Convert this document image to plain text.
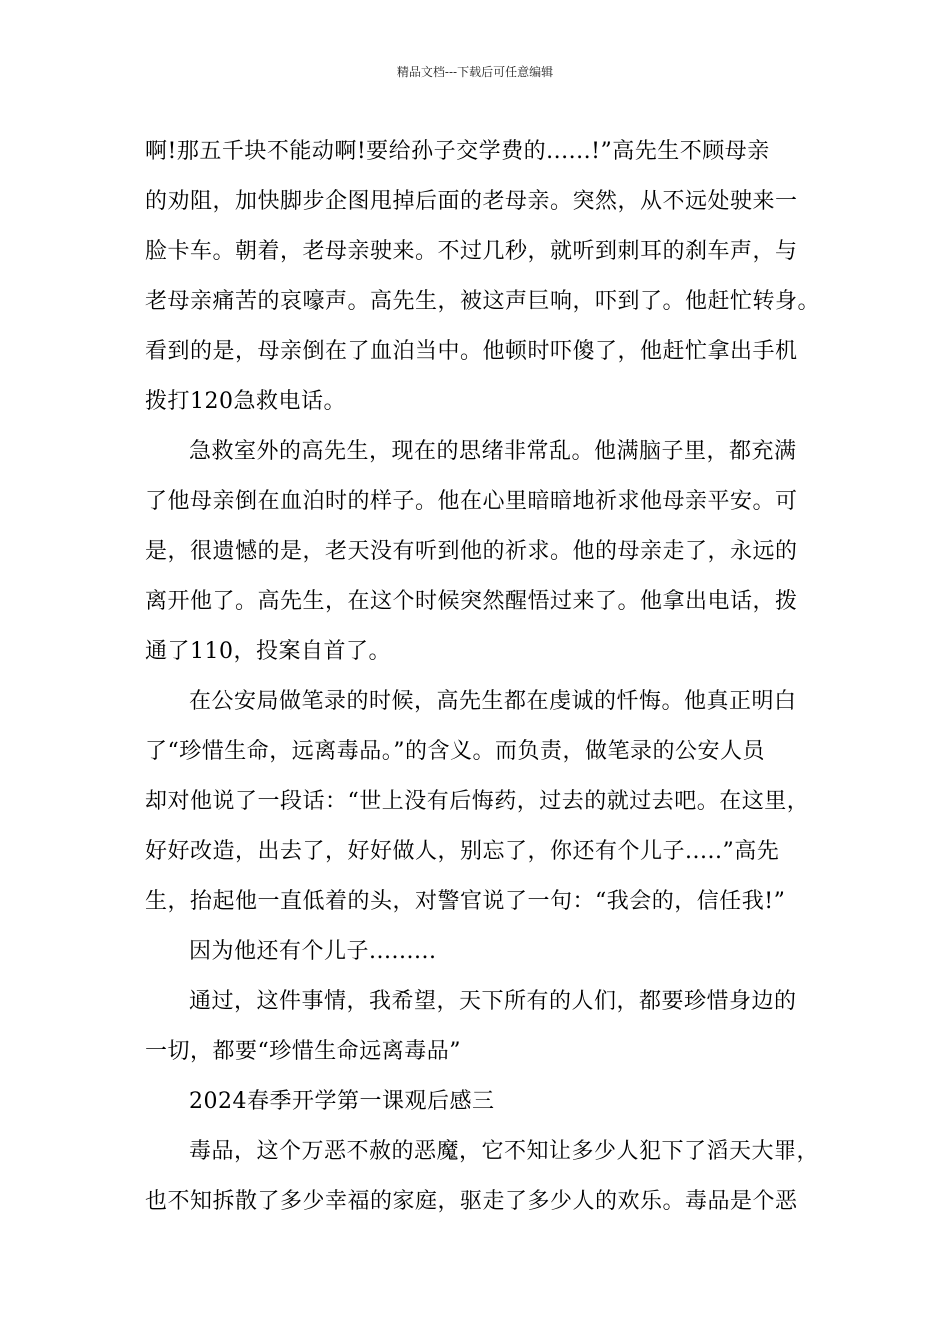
精品文档---下载后可任意编辑

啊!那五千块不能动啊!要给孙子交学费的......!”高先生不顾母亲
的劝阻，加快脚步企图甩掉后面的老母亲。突然，从不远处驶来一
脸卡车。朝着，老母亲驶来。不过几秒，就听到刺耳的刹车声，与
老母亲痛苦的哀嚎声。高先生，被这声巨响，吓到了。他赶忙转身。
看到的是，母亲倒在了血泊当中。他顿时吓傻了，他赶忙拿出手机
拨打120急救电话。

急救室外的高先生，现在的思绪非常乱。他满脑子里，都充满
了他母亲倒在血泊时的样子。他在心里暗暗地祈求他母亲平安。可
是，很遗憾的是，老天没有听到他的祈求。他的母亲走了，永远的
离开他了。高先生，在这个时候突然醒悟过来了。他拿出电话，拨
通了110，投案自首了。

在公安局做笔录的时候，高先生都在虔诚的忏悔。他真正明白
了“珍惜生命，远离毒品。”的含义。而负责，做笔录的公安人员
却对他说了一段话：“世上没有后悔药，过去的就过去吧。在这里，
好好改造，出去了，好好做人，别忘了，你还有个儿子.....”高先
生，抬起他一直低着的头，对警官说了一句：“我会的，信任我!”

因为他还有个儿子.........

通过，这件事情，我希望，天下所有的人们，都要珍惜身边的
一切，都要“珍惜生命远离毒品”

2024春季开学第一课观后感三

毒品，这个万恶不赦的恶魔，它不知让多少人犯下了滔天大罪，
也不知拆散了多少幸福的家庭，驱走了多少人的欢乐。毒品是个恶
